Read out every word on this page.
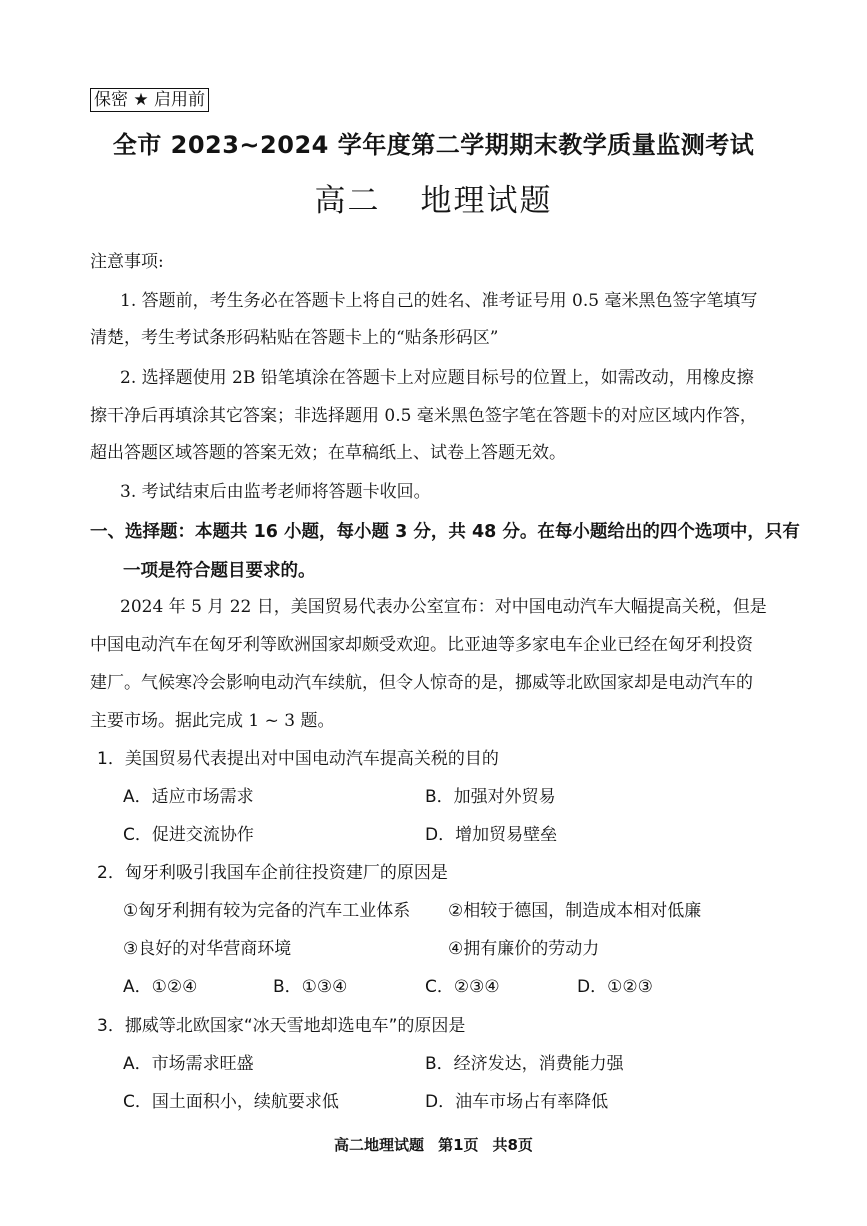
保密 ★ 启用前
全市 2023~2024 学年度第二学期期末教学质量监测考试
高二 地理试题
注意事项:
1. 答题前，考生务必在答题卡上将自己的姓名、准考证号用 0.5 毫米黑色签字笔填写
清楚，考生考试条形码粘贴在答题卡上的“贴条形码区”
2. 选择题使用 2B 铅笔填涂在答题卡上对应题目标号的位置上，如需改动，用橡皮擦
擦干净后再填涂其它答案；非选择题用 0.5 毫米黑色签字笔在答题卡的对应区域内作答，
超出答题区域答题的答案无效；在草稿纸上、试卷上答题无效。
3. 考试结束后由监考老师将答题卡收回。
一、选择题：本题共 16 小题，每小题 3 分，共 48 分。在每小题给出的四个选项中，只有
一项是符合题目要求的。
2024 年 5 月 22 日，美国贸易代表办公室宣布：对中国电动汽车大幅提高关税，但是
中国电动汽车在匈牙利等欧洲国家却颇受欢迎。比亚迪等多家电车企业已经在匈牙利投资
建厂。气候寒冷会影响电动汽车续航，但令人惊奇的是，挪威等北欧国家却是电动汽车的
主要市场。据此完成 1 ~ 3 题。
1．美国贸易代表提出对中国电动汽车提高关税的目的
A．适应市场需求	B．加强对外贸易
C．促进交流协作	D．增加贸易壁垒
2．匈牙利吸引我国车企前往投资建厂的原因是
①匈牙利拥有较为完备的汽车工业体系 ②相较于德国，制造成本相对低廉
③良好的对华营商环境	④拥有廉价的劳动力
A．①②④	B．①③④	C．②③④	D．①②③
3．挪威等北欧国家“冰天雪地却选电车”的原因是
A．市场需求旺盛	B．经济发达，消费能力强
C．国土面积小，续航要求低	D．油车市场占有率降低
高二地理试题 第1页 共8页
